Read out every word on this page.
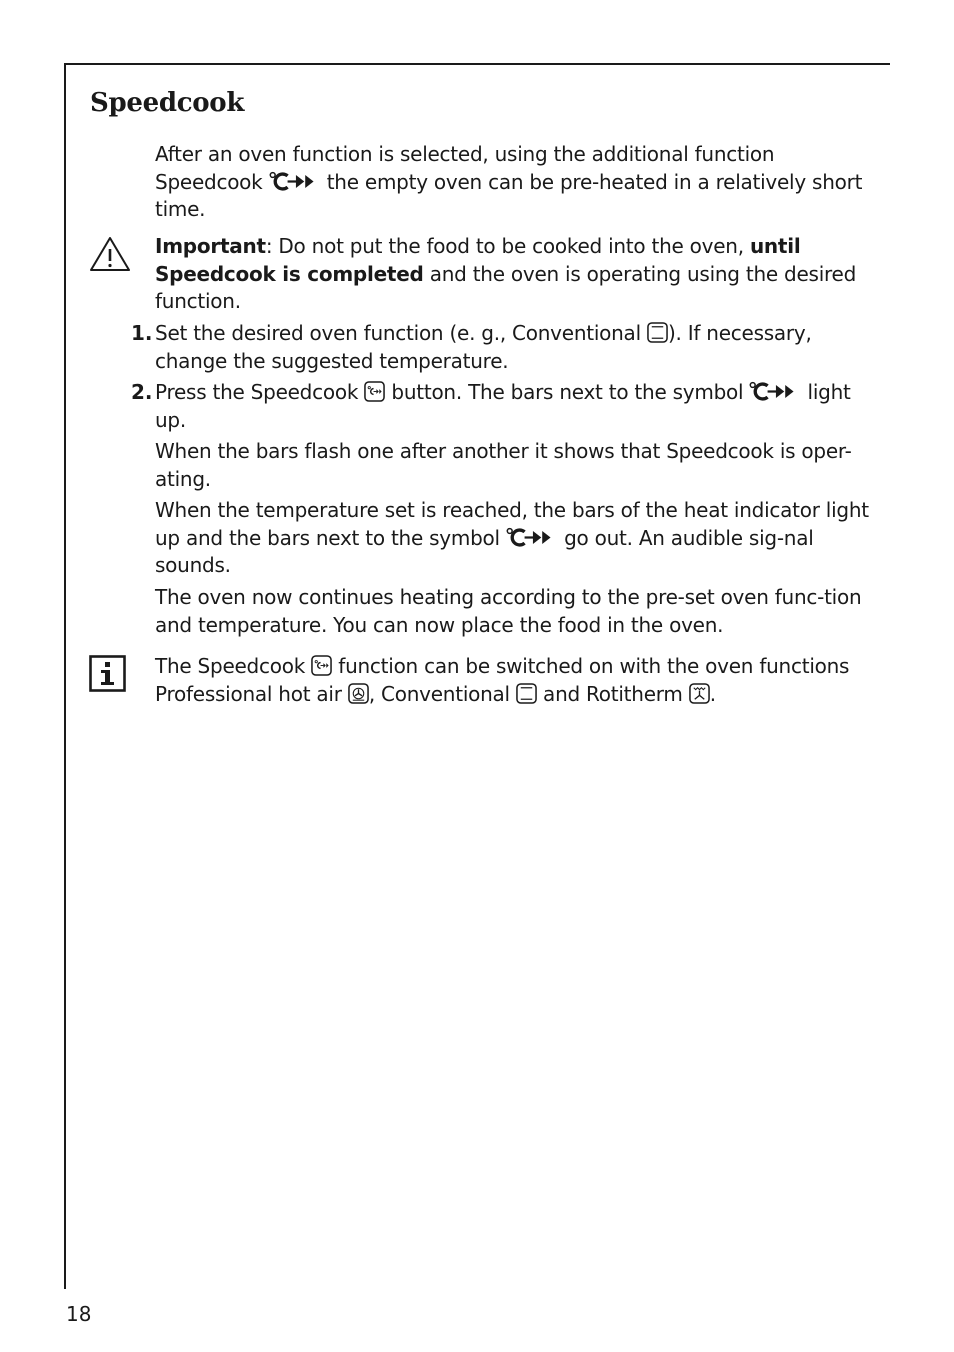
Speedcook

After an oven function is selected, using the additional function Speedcook	the empty oven can be pre-heated in a relatively short time.

Important: Do not put the food to be cooked into the oven, until Speedcook is completed and the oven is operating using the desired function.

1. Set the desired oven function (e. g., Conventional ). If necessary, change the suggested temperature.

2. Press the Speedcook  button. The bars next to the symbol	light up.

When the bars flash one after another it shows that Speedcook is oper-ating.

When the temperature set is reached, the bars of the heat indicator light up and the bars next to the symbol	go out. An audible sig-nal sounds.

The oven now continues heating according to the pre-set oven func-tion and temperature. You can now place the food in the oven.

The Speedcook  function can be switched on with the oven functions Professional hot air , Conventional  and Rotitherm .

18
